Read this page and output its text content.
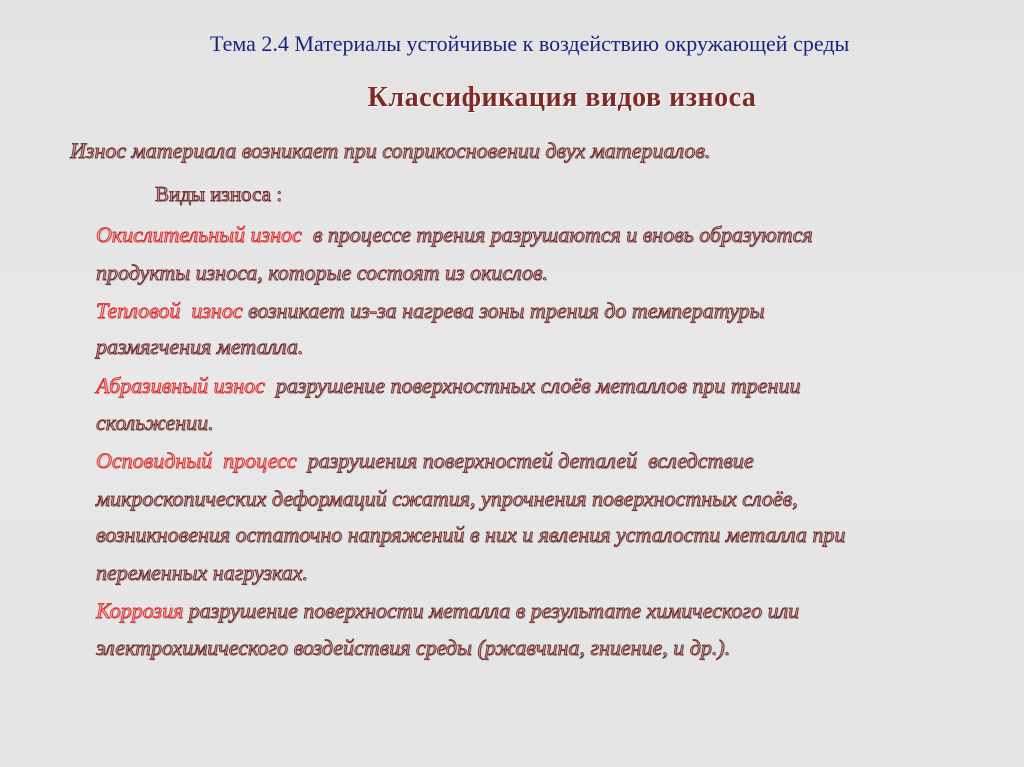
Тема 2.4 Материалы устойчивые к воздействию окружающей среды
Классификация видов износа
Износ материала возникает при соприкосновении двух материалов.
Виды износа :
Окислительный износ  в процессе трения разрушаются и вновь образуются
продукты износа, которые состоят из окислов.
Тепловой  износ возникает из-за нагрева зоны трения до температуры
размягчения металла.
Абразивный износ  разрушение поверхностных слоёв металлов при трении
скольжении.
Осповидный  процесс  разрушения поверхностей деталей  вследствие
микроскопических деформаций сжатия, упрочнения поверхностных слоёв,
возникновения остаточно напряжений в них и явления усталости металла при
переменных нагрузках.
Коррозия разрушение поверхности металла в результате химического или
электрохимического воздействия среды (ржавчина, гниение, и др.).
